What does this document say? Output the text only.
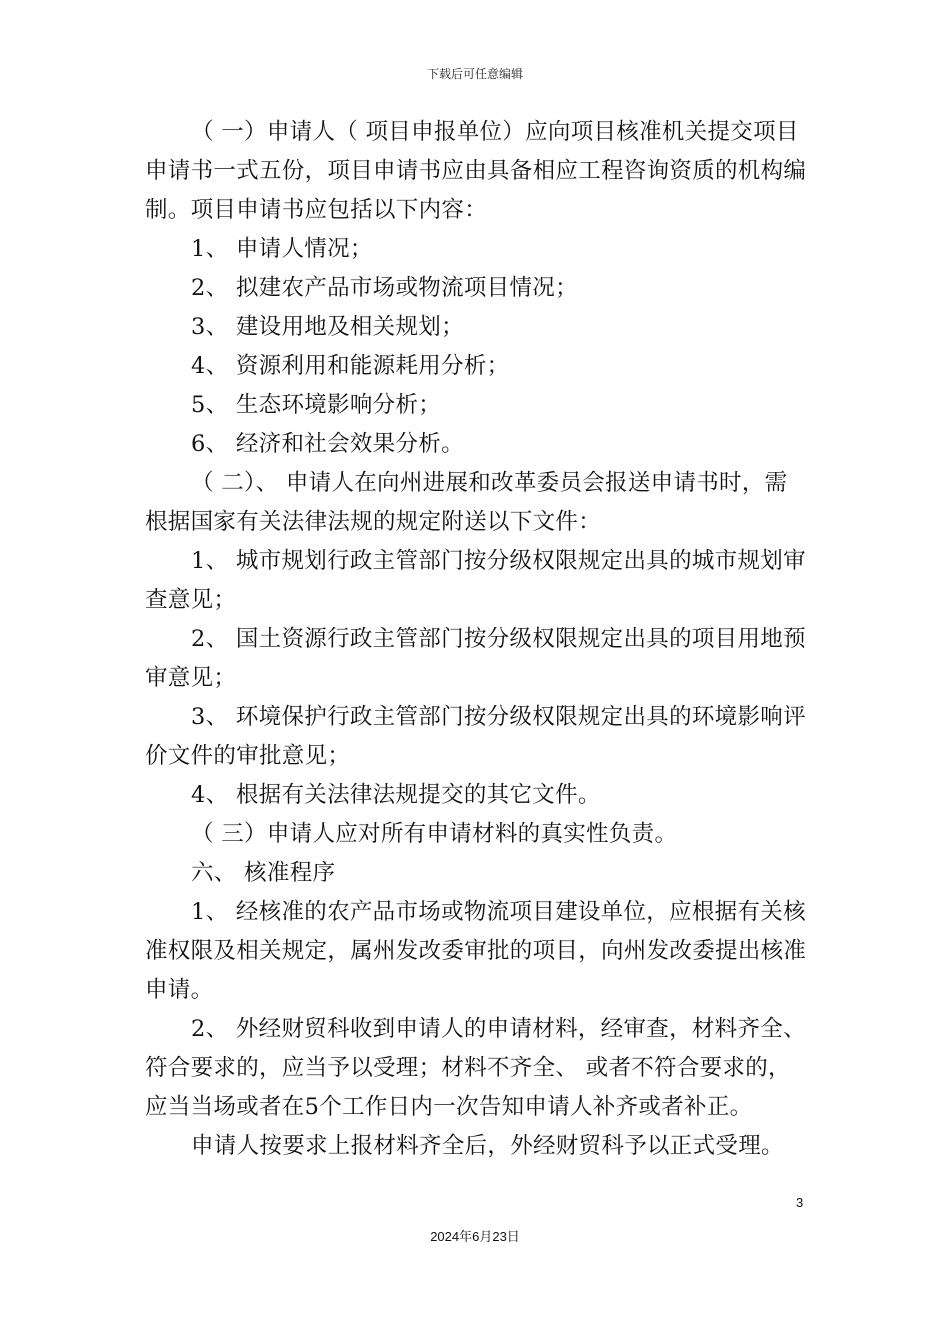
下载后可任意编辑

（ 一）申请人（ 项目申报单位）应向项目核准机关提交项目申请书一式五份，项目申请书应由具备相应工程咨询资质的机构编制。项目申请书应包括以下内容：

1、 申请人情况；

2、 拟建农产品市场或物流项目情况；

3、 建设用地及相关规划；

4、 资源利用和能源耗用分析；

5、 生态环境影响分析；

6、 经济和社会效果分析。

（ 二）、 申请人在向州进展和改革委员会报送申请书时，需根据国家有关法律法规的规定附送以下文件：

1、 城市规划行政主管部门按分级权限规定出具的城市规划审查意见；

2、 国土资源行政主管部门按分级权限规定出具的项目用地预审意见；

3、 环境保护行政主管部门按分级权限规定出具的环境影响评价文件的审批意见；

4、 根据有关法律法规提交的其它文件。

（ 三）申请人应对所有申请材料的真实性负责。

六、 核准程序

1、 经核准的农产品市场或物流项目建设单位，应根据有关核准权限及相关规定，属州发改委审批的项目，向州发改委提出核准申请。

2、 外经财贸科收到申请人的申请材料，经审查，材料齐全、 符合要求的，应当予以受理；材料不齐全、 或者不符合要求的，应当当场或者在5个工作日内一次告知申请人补齐或者补正。

申请人按要求上报材料齐全后，外经财贸科予以正式受理。

3
2024年6月23日
